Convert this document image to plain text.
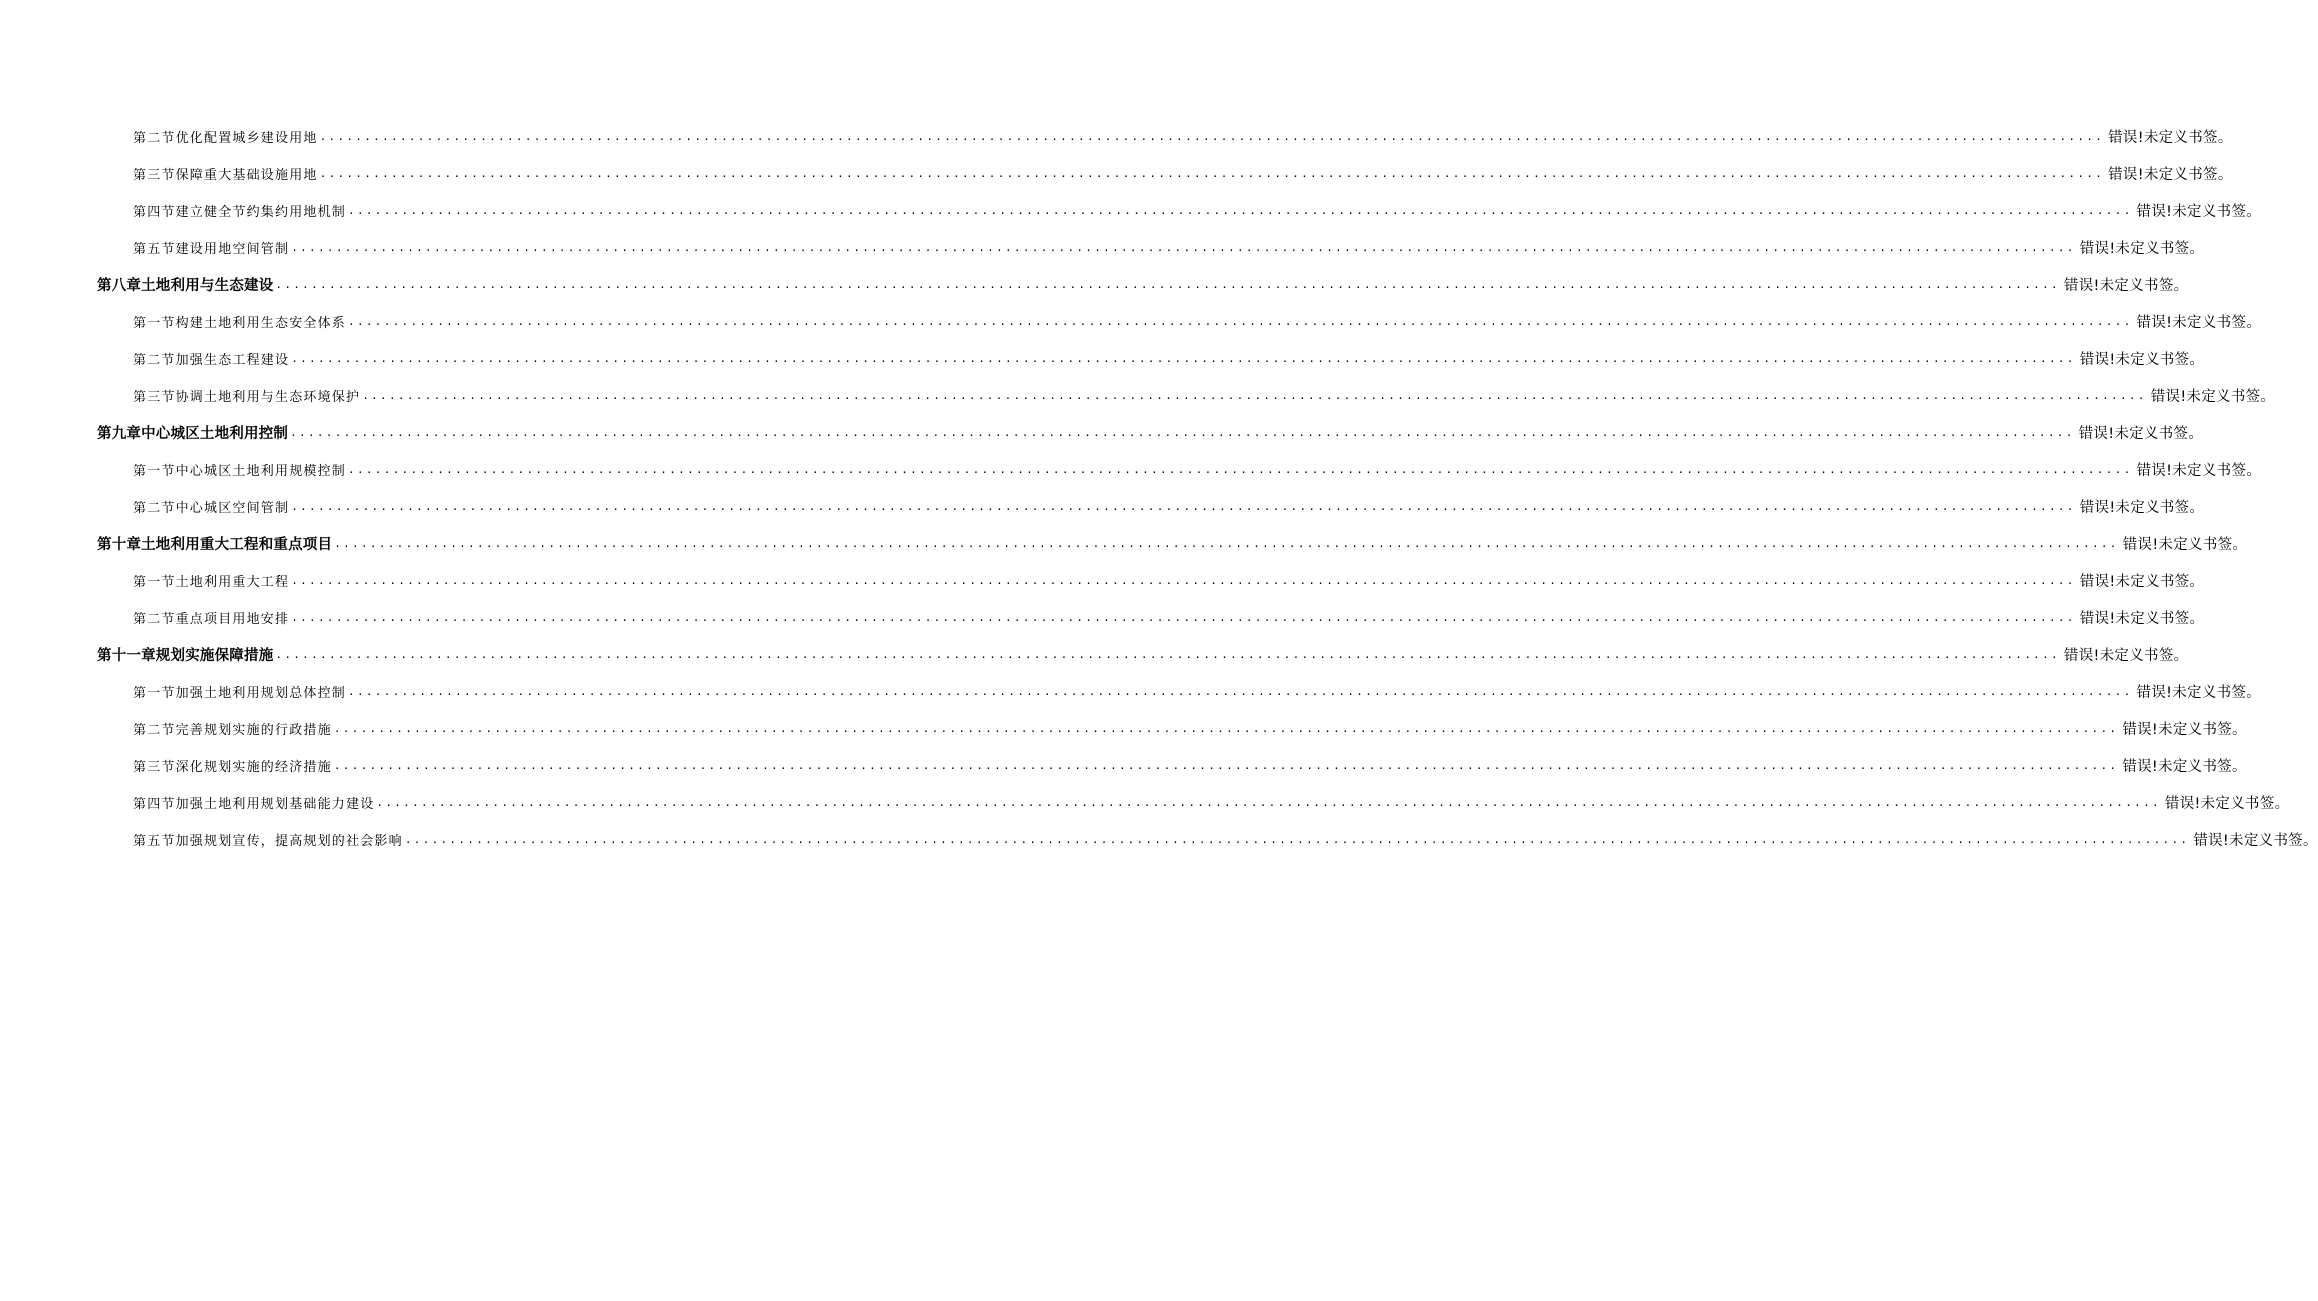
第二节优化配置城乡建设用地 ........................................................................................................................................................................................................ 错误!未定义书签。
第三节保障重大基础设施用地 ........................................................................................................................................................................................................ 错误!未定义书签。
第四节建立健全节约集约用地机制 ........................................................................................................................................................................................................ 错误!未定义书签。
第五节建设用地空间管制 ........................................................................................................................................................................................................ 错误!未定义书签。
第八章土地利用与生态建设 ........................................................................................................................................................................................................ 错误!未定义书签。
第一节构建土地利用生态安全体系 ........................................................................................................................................................................................................ 错误!未定义书签。
第二节加强生态工程建设 ........................................................................................................................................................................................................ 错误!未定义书签。
第三节协调土地利用与生态环境保护 ........................................................................................................................................................................................................ 错误!未定义书签。
第九章中心城区土地利用控制 ........................................................................................................................................................................................................ 错误!未定义书签。
第一节中心城区土地利用规模控制 ........................................................................................................................................................................................................ 错误!未定义书签。
第二节中心城区空间管制 ........................................................................................................................................................................................................ 错误!未定义书签。
第十章土地利用重大工程和重点项目 ........................................................................................................................................................................................................ 错误!未定义书签。
第一节土地利用重大工程 ........................................................................................................................................................................................................ 错误!未定义书签。
第二节重点项目用地安排 ........................................................................................................................................................................................................ 错误!未定义书签。
第十一章规划实施保障措施 ........................................................................................................................................................................................................ 错误!未定义书签。
第一节加强土地利用规划总体控制 ........................................................................................................................................................................................................ 错误!未定义书签。
第二节完善规划实施的行政措施 ........................................................................................................................................................................................................ 错误!未定义书签。
第三节深化规划实施的经济措施 ........................................................................................................................................................................................................ 错误!未定义书签。
第四节加强土地利用规划基础能力建设 ........................................................................................................................................................................................................ 错误!未定义书签。
第五节加强规划宣传，提高规划的社会影响 ........................................................................................................................................................................................................ 错误!未定义书签。
